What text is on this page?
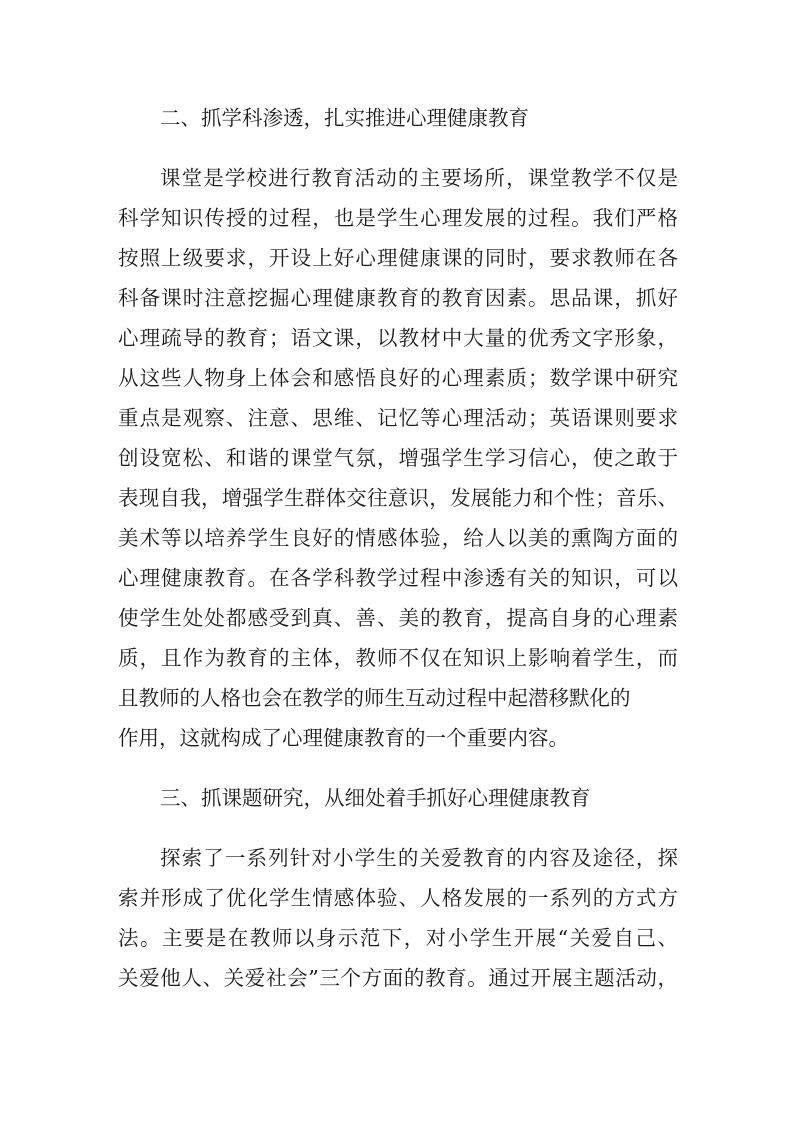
二、抓学科渗透，扎实推进心理健康教育
课堂是学校进行教育活动的主要场所，课堂教学不仅是
科学知识传授的过程，也是学生心理发展的过程。我们严格
按照上级要求，开设上好心理健康课的同时，要求教师在各
科备课时注意挖掘心理健康教育的教育因素。思品课，抓好
心理疏导的教育；语文课，以教材中大量的优秀文字形象，
从这些人物身上体会和感悟良好的心理素质；数学课中研究
重点是观察、注意、思维、记忆等心理活动；英语课则要求
创设宽松、和谐的课堂气氛，增强学生学习信心，使之敢于
表现自我，增强学生群体交往意识，发展能力和个性；音乐、
美术等以培养学生良好的情感体验，给人以美的熏陶方面的
心理健康教育。在各学科教学过程中渗透有关的知识，可以
使学生处处都感受到真、善、美的教育，提高自身的心理素
质，且作为教育的主体，教师不仅在知识上影响着学生，而
且教师的人格也会在教学的师生互动过程中起潜移默化的
作用，这就构成了心理健康教育的一个重要内容。
三、抓课题研究，从细处着手抓好心理健康教育
探索了一系列针对小学生的关爱教育的内容及途径，探
索并形成了优化学生情感体验、人格发展的一系列的方式方
法。主要是在教师以身示范下，对小学生开展“关爱自己、
关爱他人、关爱社会”三个方面的教育。通过开展主题活动，
